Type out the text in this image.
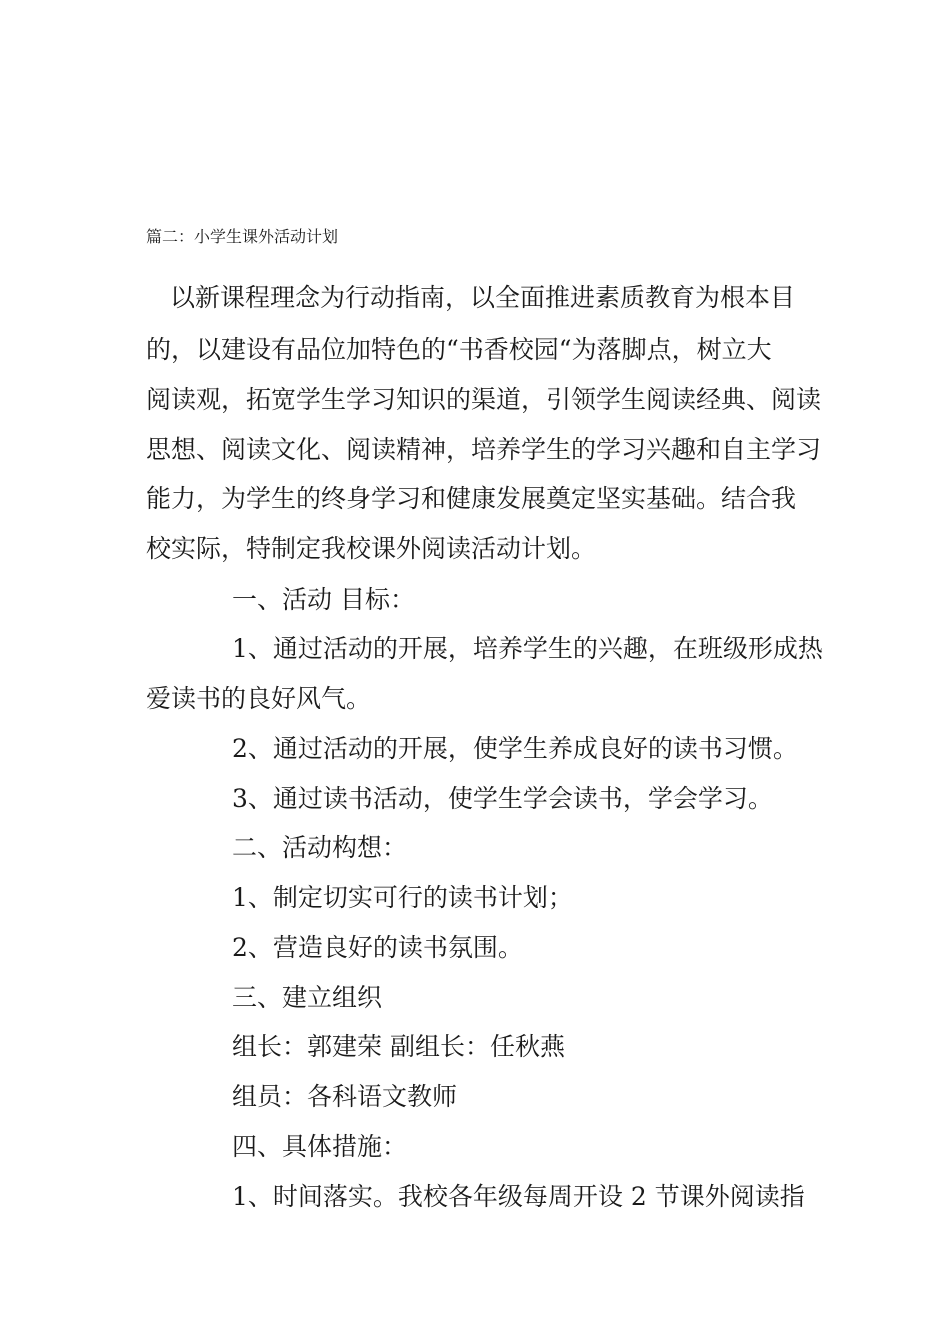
篇二：小学生课外活动计划
以新课程理念为行动指南，以全面推进素质教育为根本目
的，以建设有品位加特色的“书香校园“为落脚点，树立大
阅读观，拓宽学生学习知识的渠道，引领学生阅读经典、阅读
思想、阅读文化、阅读精神，培养学生的学习兴趣和自主学习
能力，为学生的终身学习和健康发展奠定坚实基础。结合我
校实际，特制定我校课外阅读活动计划。
一、活动 目标：
1、通过活动的开展，培养学生的兴趣，在班级形成热
爱读书的良好风气。
2、通过活动的开展，使学生养成良好的读书习惯。
3、通过读书活动，使学生学会读书，学会学习。
二、活动构想：
1、制定切实可行的读书计划；
2、营造良好的读书氛围。
三、建立组织
组长：郭建荣 副组长：任秋燕
组员：各科语文教师
四、具体措施：
1、时间落实。我校各年级每周开设 2 节课外阅读指
